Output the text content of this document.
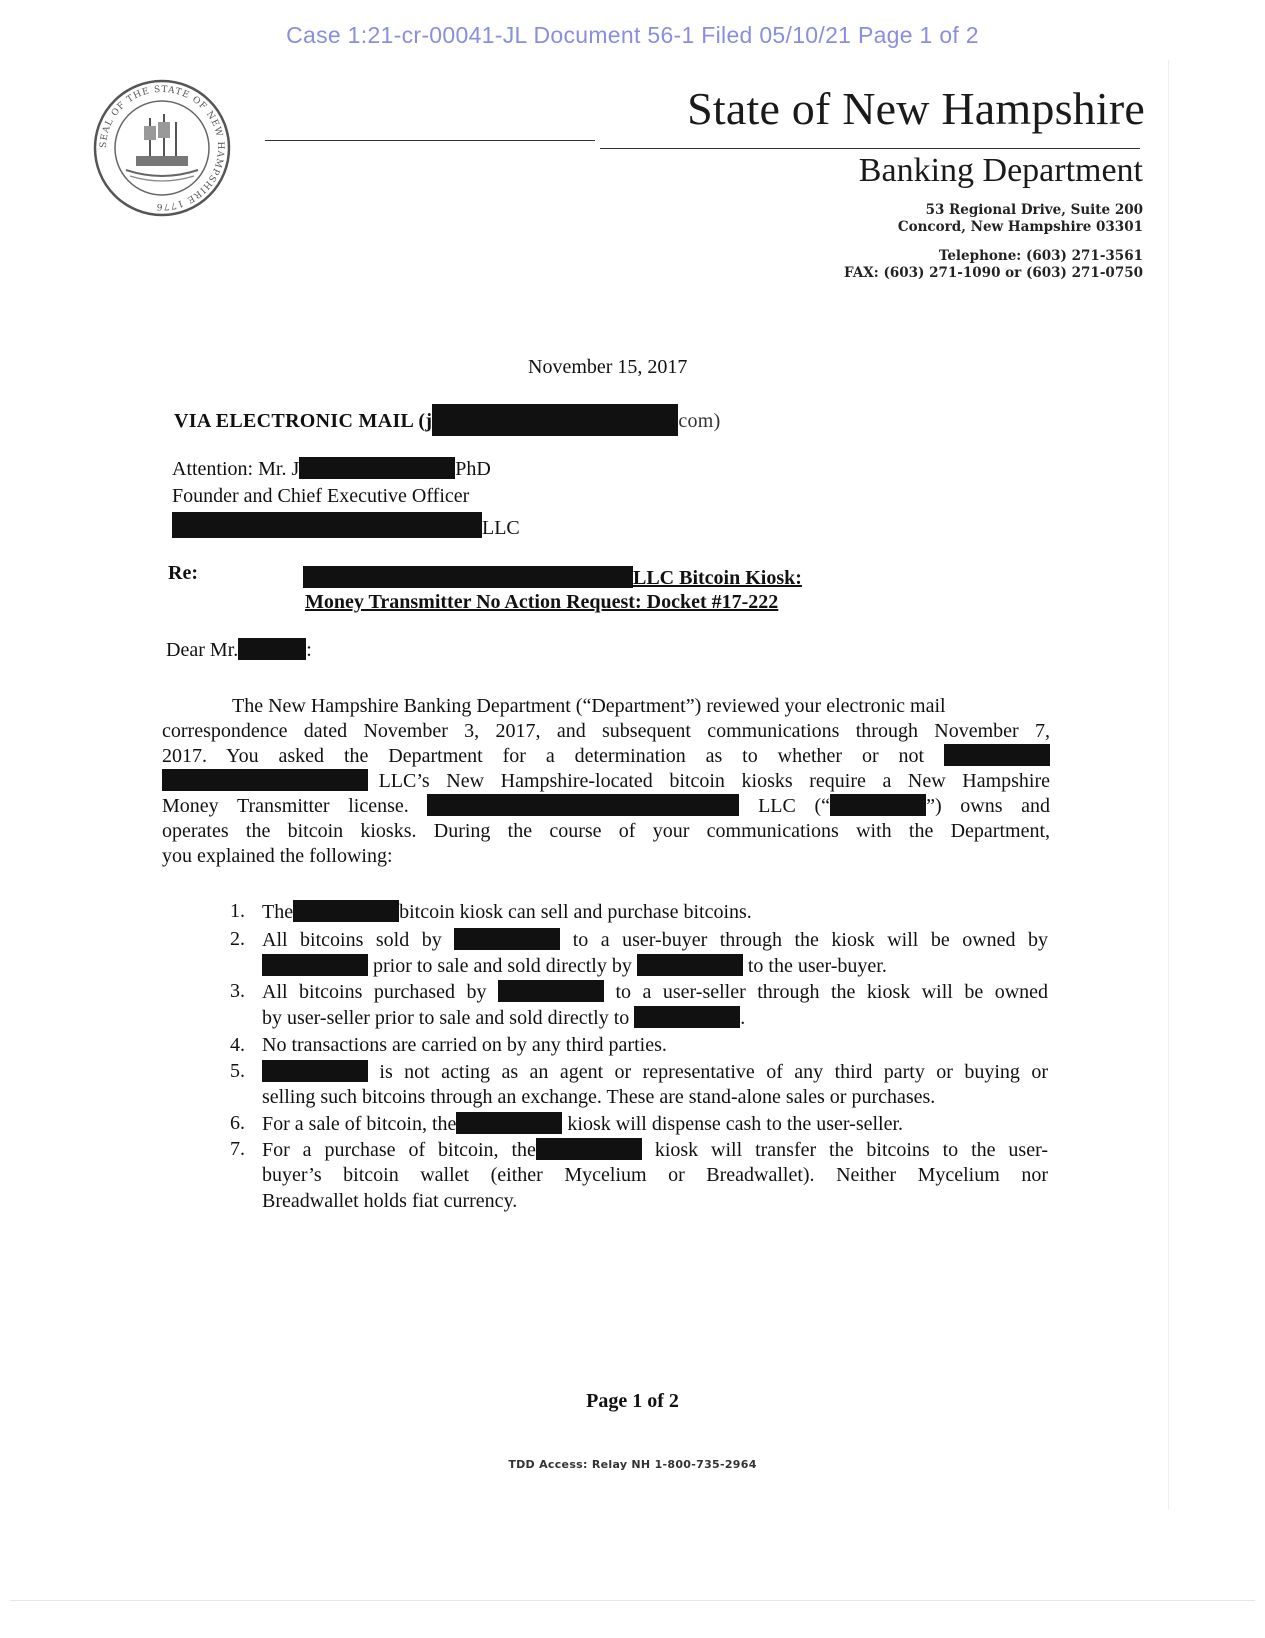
Case 1:21-cr-00041-JL Document 56-1 Filed 05/10/21 Page 1 of 2
SEAL OF THE STATE OF NEW HAMPSHIRE 1776
State of New Hampshire
Banking Department
53 Regional Drive, Suite 200
Concord, New Hampshire 03301
Telephone: (603) 271-3561
FAX: (603) 271-1090 or (603) 271-0750
November 15, 2017
VIA ELECTRONIC MAIL (j	com)
Attention: Mr. J	PhD
Founder and Chief Executive Officer
LLC
Re:	LLC Bitcoin Kiosk:
Money Transmitter No Action Request: Docket #17-222
Dear Mr.	:
The New Hampshire Banking Department (“Department”) reviewed your electronic mail
correspondence dated November 3, 2017, and subsequent communications through November 7,
2017. You asked the Department for a determination as to whether or not
LLC’s New Hampshire-located bitcoin kiosks require a New Hampshire
Money Transmitter license.	LLC (“	”) owns and
operates the bitcoin kiosks. During the course of your communications with the Department,
you explained the following:
1. The	bitcoin kiosk can sell and purchase bitcoins.
2. All bitcoins sold by	to a user-buyer through the kiosk will be owned by
prior to sale and sold directly by	to the user-buyer.
3. All bitcoins purchased by	to a user-seller through the kiosk will be owned
by user-seller prior to sale and sold directly to	.
4. No transactions are carried on by any third parties.
5.	is not acting as an agent or representative of any third party or buying or
selling such bitcoins through an exchange. These are stand-alone sales or purchases.
6. For a sale of bitcoin, the	kiosk will dispense cash to the user-seller.
7. For a purchase of bitcoin, the	kiosk will transfer the bitcoins to the user-
buyer’s bitcoin wallet (either Mycelium or Breadwallet). Neither Mycelium nor
Breadwallet holds fiat currency.
Page 1 of 2
TDD Access: Relay NH 1-800-735-2964
